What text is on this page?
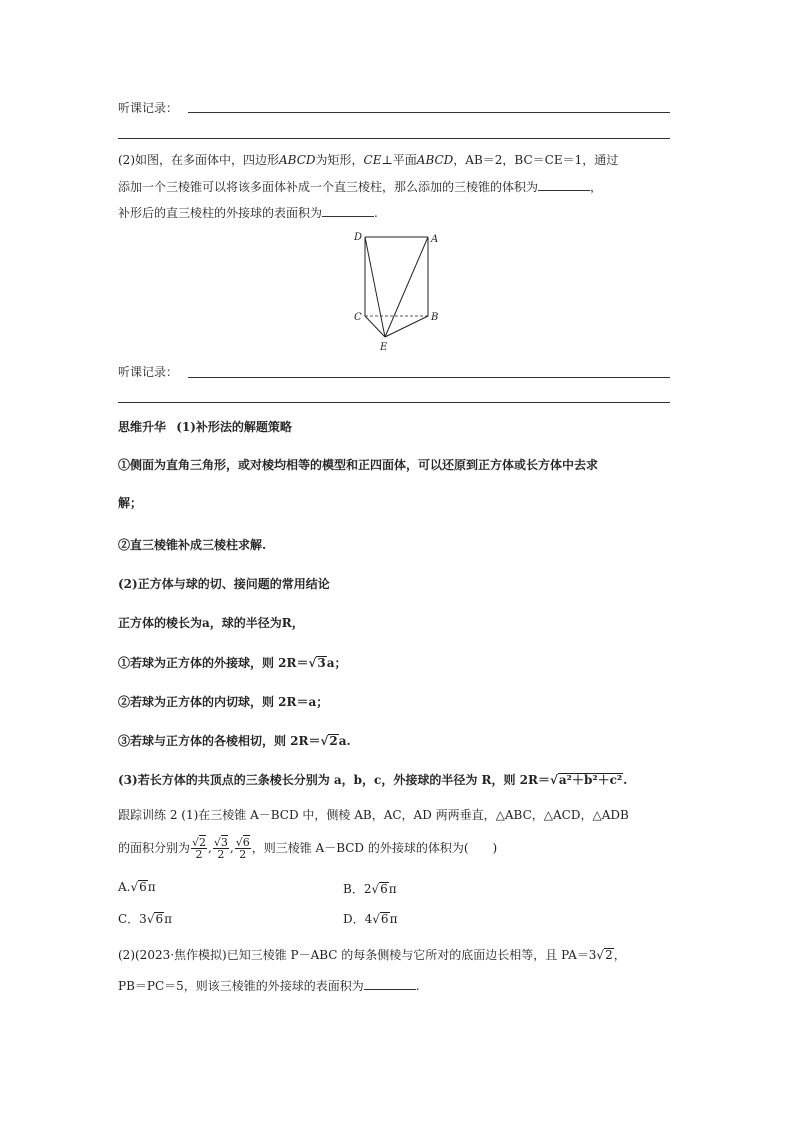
听课记录：
(2)如图，在多面体中，四边形ABCD为矩形，CE⊥平面ABCD，AB＝2，BC＝CE＝1，通过
添加一个三棱锥可以将该多面体补成一个直三棱柱，那么添加的三棱锥的体积为	，
补形后的直三棱柱的外接球的表面积为	.
D	A
C	B
E
听课记录：
思维升华 (1)补形法的解题策略
①侧面为直角三角形，或对棱均相等的模型和正四面体，可以还原到正方体或长方体中去求
解；
②直三棱锥补成三棱柱求解.
(2)正方体与球的切、接问题的常用结论
正方体的棱长为a，球的半径为R，
①若球为正方体的外接球，则 2R＝√3a；
②若球为正方体的内切球，则 2R＝a；
③若球与正方体的各棱相切，则 2R＝√2a.
(3)若长方体的共顶点的三条棱长分别为 a，b，c，外接球的半径为 R，则 2R＝√a²＋b²＋c².
跟踪训练 2 (1)在三棱锥 A－BCD 中，侧棱 AB，AC，AD 两两垂直，△ABC，△ACD，△ADB
的面积分别为 $\frac{√2}{2}$ , $\frac{√3}{2}$ , $\frac{√6}{2}$ ，则三棱锥 A－BCD 的外接球的体积为(　　)
A.√6π	B．2√6π
C．3√6π	D．4√6π
(2)(2023·焦作模拟)已知三棱锥 P－ABC 的每条侧棱与它所对的底面边长相等，且 PA＝3√2，
PB＝PC＝5，则该三棱锥的外接球的表面积为	.
